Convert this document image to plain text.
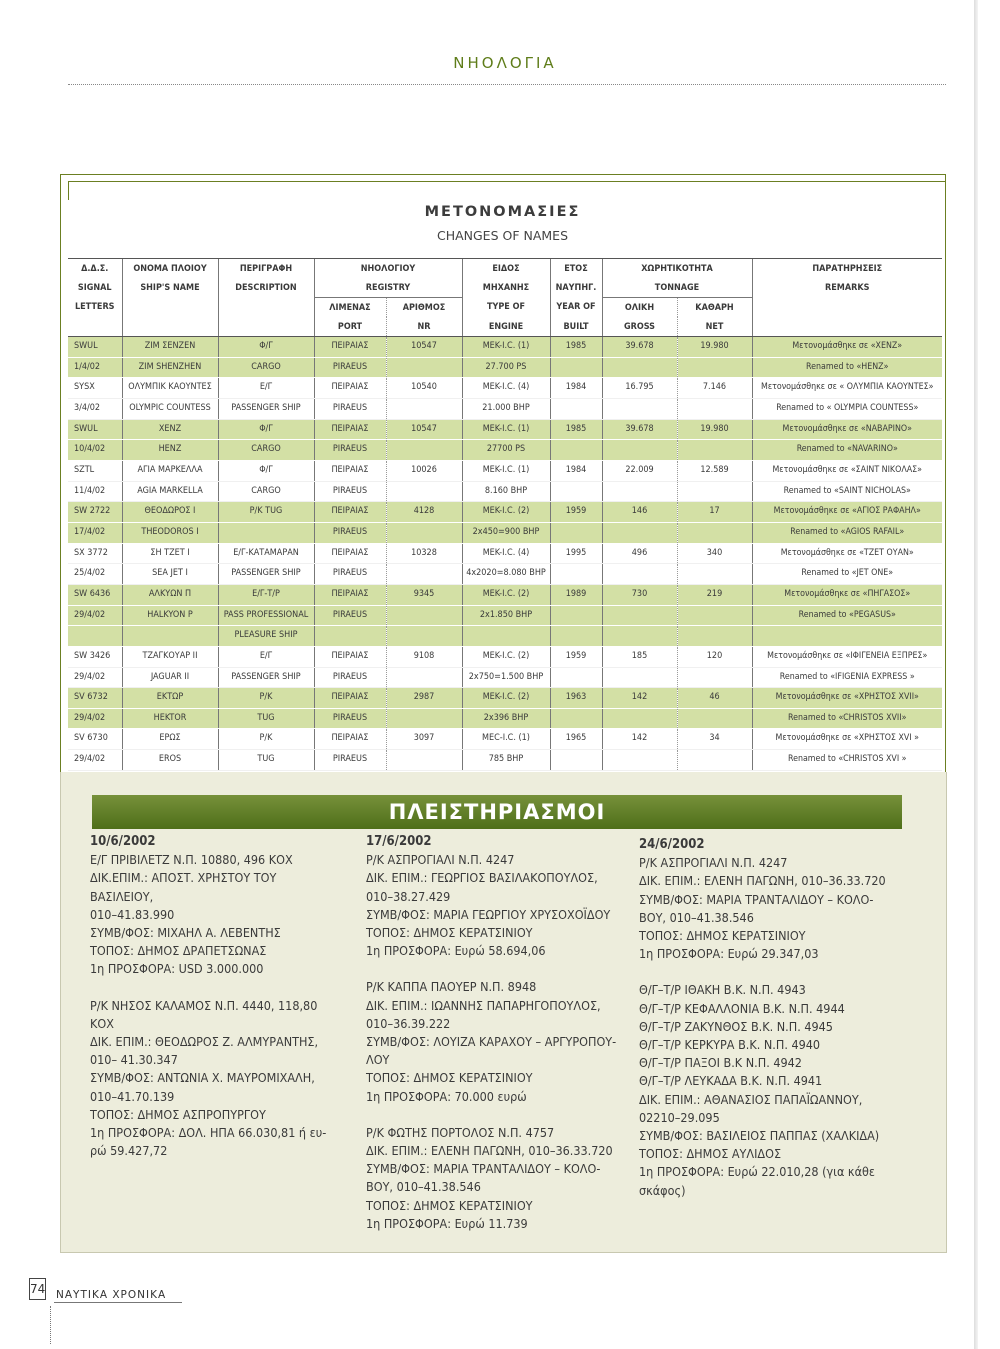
ΝΗΟΛΟΓΙΑ
ΜΕΤΟΝΟΜΑΣΙΕΣ
CHANGES OF NAMES
Δ.Δ.Σ.	ΟΝΟΜΑ ΠΛΟΙΟΥ	ΠΕΡΙΓΡΑΦΗ	ΝΗΟΛΟΓΙΟΥ		ΕΙΔΟΣ	ΕΤΟΣ	ΧΩΡΗΤΙΚΟΤΗΤΑ		ΠΑΡΑΤΗΡΗΣΕΙΣ
SIGNAL	SHIP'S NAME	DESCRIPTION	REGISTRY		ΜΗΧΑΝΗΣ	ΝΑΥΠΗΓ.	TONNAGE		REMARKS
LETTERS			ΛΙΜΕΝΑΣ	ΑΡΙΘΜΟΣ	TYPE OF	YEAR OF	ΟΛΙΚΗ	ΚΑΘΑΡΗ	
			PORT	NR	ENGINE	BUILT	GROSS	NET	
SWUL	ZIM ΣΕΝΖΕΝ	Φ/Γ	ΠΕΙΡΑΙΑΣ	10547	MEK-I.C. (1)	1985	39.678	19.980	Μετονομάσθηκε σε «ΧΕΝΖ»
1/4/02	ZIM SHENZHEN	CARGO	PIRAEUS		27.700 PS				Renamed to «HENZ»
SYSX	ΟΛΥΜΠΙΚ ΚΑΟΥΝΤΕΣ	Ε/Γ	ΠΕΙΡΑΙΑΣ	10540	MEK-I.C. (4)	1984	16.795	7.146	Μετονομάσθηκε σε « ΟΛΥΜΠΙΑ ΚΑΟΥΝΤΕΣ»
3/4/02	OLYMPIC COUNTESS	PASSENGER SHIP	PIRAEUS		21.000 BHP				Renamed to « OLYMPIA COUNTESS»
SWUL	ΧΕΝΖ	Φ/Γ	ΠΕΙΡΑΙΑΣ	10547	MEK-I.C. (1)	1985	39.678	19.980	Μετονομάσθηκε σε «ΝΑΒΑΡΙΝΟ»
10/4/02	HENZ	CARGO	PIRAEUS		27700 PS				Renamed to «NAVARINO»
SZTL	ΑΓΙΑ ΜΑΡΚΕΛΛΑ	Φ/Γ	ΠΕΙΡΑΙΑΣ	10026	MEK-I.C. (1)	1984	22.009	12.589	Μετονομάσθηκε σε «ΣΑΙΝΤ ΝΙΚΟΛΑΣ»
11/4/02	AGIA MARKELLA	CARGO	PIRAEUS		8.160 BHP				Renamed to «SAINT NICHOLAS»
SW 2722	ΘΕΟΔΩΡΟΣ Ι	Ρ/Κ TUG	ΠΕΙΡΑΙΑΣ	4128	MEK-I.C. (2)	1959	146	17	Μετονομάσθηκε σε «ΑΓΙΟΣ ΡΑΦΑΗΛ»
17/4/02	THEODOROS I		PIRAEUS		2x450=900 BHP				Renamed to «AGIOS RAFAIL»
SX 3772	ΣΗ ΤΖΕΤ Ι	Ε/Γ-ΚΑΤΑΜΑΡΑΝ	ΠΕΙΡΑΙΑΣ	10328	MEK-I.C. (4)	1995	496	340	Μετονομάσθηκε σε «ΤΖΕΤ ΟΥΑΝ»
25/4/02	SEA JET I	PASSENGER SHIP	PIRAEUS		4x2020=8.080 BHP				Renamed to «JET ONE»
SW 6436	ΑΛΚΥΩΝ Π	Ε/Γ-Τ/Ρ	ΠΕΙΡΑΙΑΣ	9345	MEK-I.C. (2)	1989	730	219	Μετονομάσθηκε σε «ΠΗΓΑΣΟΣ»
29/4/02	HALKYON P	PASS PROFESSIONAL	PIRAEUS		2x1.850 BHP				Renamed to «PEGASUS»
		PLEASURE SHIP							
SW 3426	ΤΖΑΓΚΟΥΑΡ ΙΙ	Ε/Γ	ΠΕΙΡΑΙΑΣ	9108	MEK-I.C. (2)	1959	185	120	Μετονομάσθηκε σε «ΙΦΙΓΕΝΕΙΑ ΕΞΠΡΕΣ»
29/4/02	JAGUAR II	PASSENGER SHIP	PIRAEUS		2x750=1.500 BHP				Renamed to «IFIGENIA EXPRESS »
SV 6732	ΕΚΤΩΡ	Ρ/Κ	ΠΕΙΡΑΙΑΣ	2987	MEK-I.C. (2)	1963	142	46	Μετονομάσθηκε σε «ΧΡΗΣΤΟΣ XVII»
29/4/02	HEKTOR	TUG	PIRAEUS		2x396 BHP				Renamed to «CHRISTOS XVII»
SV 6730	ΕΡΩΣ	Ρ/Κ	ΠΕΙΡΑΙΑΣ	3097	MEC-I.C. (1)	1965	142	34	Μετονομάσθηκε σε «ΧΡΗΣΤΟΣ XVI »
29/4/02	EROS	TUG	PIRAEUS		785 BHP				Renamed to «CHRISTOS XVI »
ΠΛΕΙΣΤΗΡΙΑΣΜΟΙ
10/6/2002
Ε/Γ ΠΡΙΒΙΛΕΤΖ Ν.Π. 10880, 496 ΚΟΧ
ΔΙΚ.ΕΠΙΜ.: ΑΠΟΣΤ. ΧΡΗΣΤΟΥ ΤΟΥ ΒΑΣΙΛΕΙΟΥ,
010–41.83.990
ΣΥΜΒ/ΦΟΣ: ΜΙΧΑΗΛ Α. ΛΕΒΕΝΤΗΣ
ΤΟΠΟΣ: ΔΗΜΟΣ ΔΡΑΠΕΤΣΩΝΑΣ
1η ΠΡΟΣΦΟΡΑ: USD 3.000.000
Ρ/Κ ΝΗΣΟΣ ΚΑΛΑΜΟΣ Ν.Π. 4440, 118,80
ΚΟΧ
ΔΙΚ. ΕΠΙΜ.: ΘΕΟΔΩΡΟΣ Ζ. ΑΛΜΥΡΑΝΤΗΣ,
010– 41.30.347
ΣΥΜΒ/ΦΟΣ: ΑΝΤΩΝΙΑ Χ. ΜΑΥΡΟΜΙΧΑΛΗ,
010–41.70.139
ΤΟΠΟΣ: ΔΗΜΟΣ ΑΣΠΡΟΠΥΡΓΟΥ
1η ΠΡΟΣΦΟΡΑ: ΔΟΛ. ΗΠΑ 66.030,81 ή ευ-
ρώ 59.427,72
17/6/2002
Ρ/Κ ΑΣΠΡΟΓΙΑΛΙ Ν.Π. 4247
ΔΙΚ. ΕΠΙΜ.: ΓΕΩΡΓΙΟΣ ΒΑΣΙΛΑΚΟΠΟΥΛΟΣ,
010–38.27.429
ΣΥΜΒ/ΦΟΣ: ΜΑΡΙΑ ΓΕΩΡΓΙΟΥ ΧΡΥΣΟΧΟΪΔΟΥ
ΤΟΠΟΣ: ΔΗΜΟΣ ΚΕΡΑΤΣΙΝΙΟΥ
1η ΠΡΟΣΦΟΡΑ: Ευρώ 58.694,06
Ρ/Κ ΚΑΠΠΑ ΠΑΟΥΕΡ Ν.Π. 8948
ΔΙΚ. ΕΠΙΜ.: ΙΩΑΝΝΗΣ ΠΑΠΑΡΗΓΟΠΟΥΛΟΣ,
010–36.39.222
ΣΥΜΒ/ΦΟΣ: ΛΟΥΙΖΑ ΚΑΡΑΧΟΥ – ΑΡΓΥΡΟΠΟΥ-
ΛΟΥ
ΤΟΠΟΣ: ΔΗΜΟΣ ΚΕΡΑΤΣΙΝΙΟΥ
1η ΠΡΟΣΦΟΡΑ: 70.000 ευρώ
Ρ/Κ ΦΩΤΗΣ ΠΟΡΤΟΛΟΣ Ν.Π. 4757
ΔΙΚ. ΕΠΙΜ.: ΕΛΕΝΗ ΠΑΓΩΝΗ, 010–36.33.720
ΣΥΜΒ/ΦΟΣ: ΜΑΡΙΑ ΤΡΑΝΤΑΛΙΔΟΥ – ΚΟΛΟ-
ΒΟΥ, 010–41.38.546
ΤΟΠΟΣ: ΔΗΜΟΣ ΚΕΡΑΤΣΙΝΙΟΥ
1η ΠΡΟΣΦΟΡΑ: Ευρώ 11.739
24/6/2002
Ρ/Κ ΑΣΠΡΟΓΙΑΛΙ Ν.Π. 4247
ΔΙΚ. ΕΠΙΜ.: ΕΛΕΝΗ ΠΑΓΩΝΗ, 010–36.33.720
ΣΥΜΒ/ΦΟΣ: ΜΑΡΙΑ ΤΡΑΝΤΑΛΙΔΟΥ – ΚΟΛΟ-
ΒΟΥ, 010–41.38.546
ΤΟΠΟΣ: ΔΗΜΟΣ ΚΕΡΑΤΣΙΝΙΟΥ
1η ΠΡΟΣΦΟΡΑ: Ευρώ 29.347,03
Θ/Γ–Τ/Ρ ΙΘΑΚΗ Β.Κ. Ν.Π. 4943
Θ/Γ–Τ/Ρ ΚΕΦΑΛΛΟΝΙΑ Β.Κ. Ν.Π. 4944
Θ/Γ–Τ/Ρ ΖΑΚΥΝΘΟΣ Β.Κ. Ν.Π. 4945
Θ/Γ–Τ/Ρ ΚΕΡΚΥΡΑ Β.Κ. Ν.Π. 4940
Θ/Γ–Τ/Ρ ΠΑΞΟΙ Β.Κ Ν.Π. 4942
Θ/Γ–Τ/Ρ ΛΕΥΚΑΔΑ Β.Κ. Ν.Π. 4941
ΔΙΚ. ΕΠΙΜ.: ΑΘΑΝΑΣΙΟΣ ΠΑΠΑΪΩΑΝΝΟΥ,
02210–29.095
ΣΥΜΒ/ΦΟΣ: ΒΑΣΙΛΕΙΟΣ ΠΑΠΠΑΣ (ΧΑΛΚΙΔΑ)
ΤΟΠΟΣ: ΔΗΜΟΣ ΑΥΛΙΔΟΣ
1η ΠΡΟΣΦΟΡΑ: Ευρώ 22.010,28 (για κάθε
σκάφος)
74 ΝΑΥΤΙΚΑ ΧΡΟΝΙΚΑ
